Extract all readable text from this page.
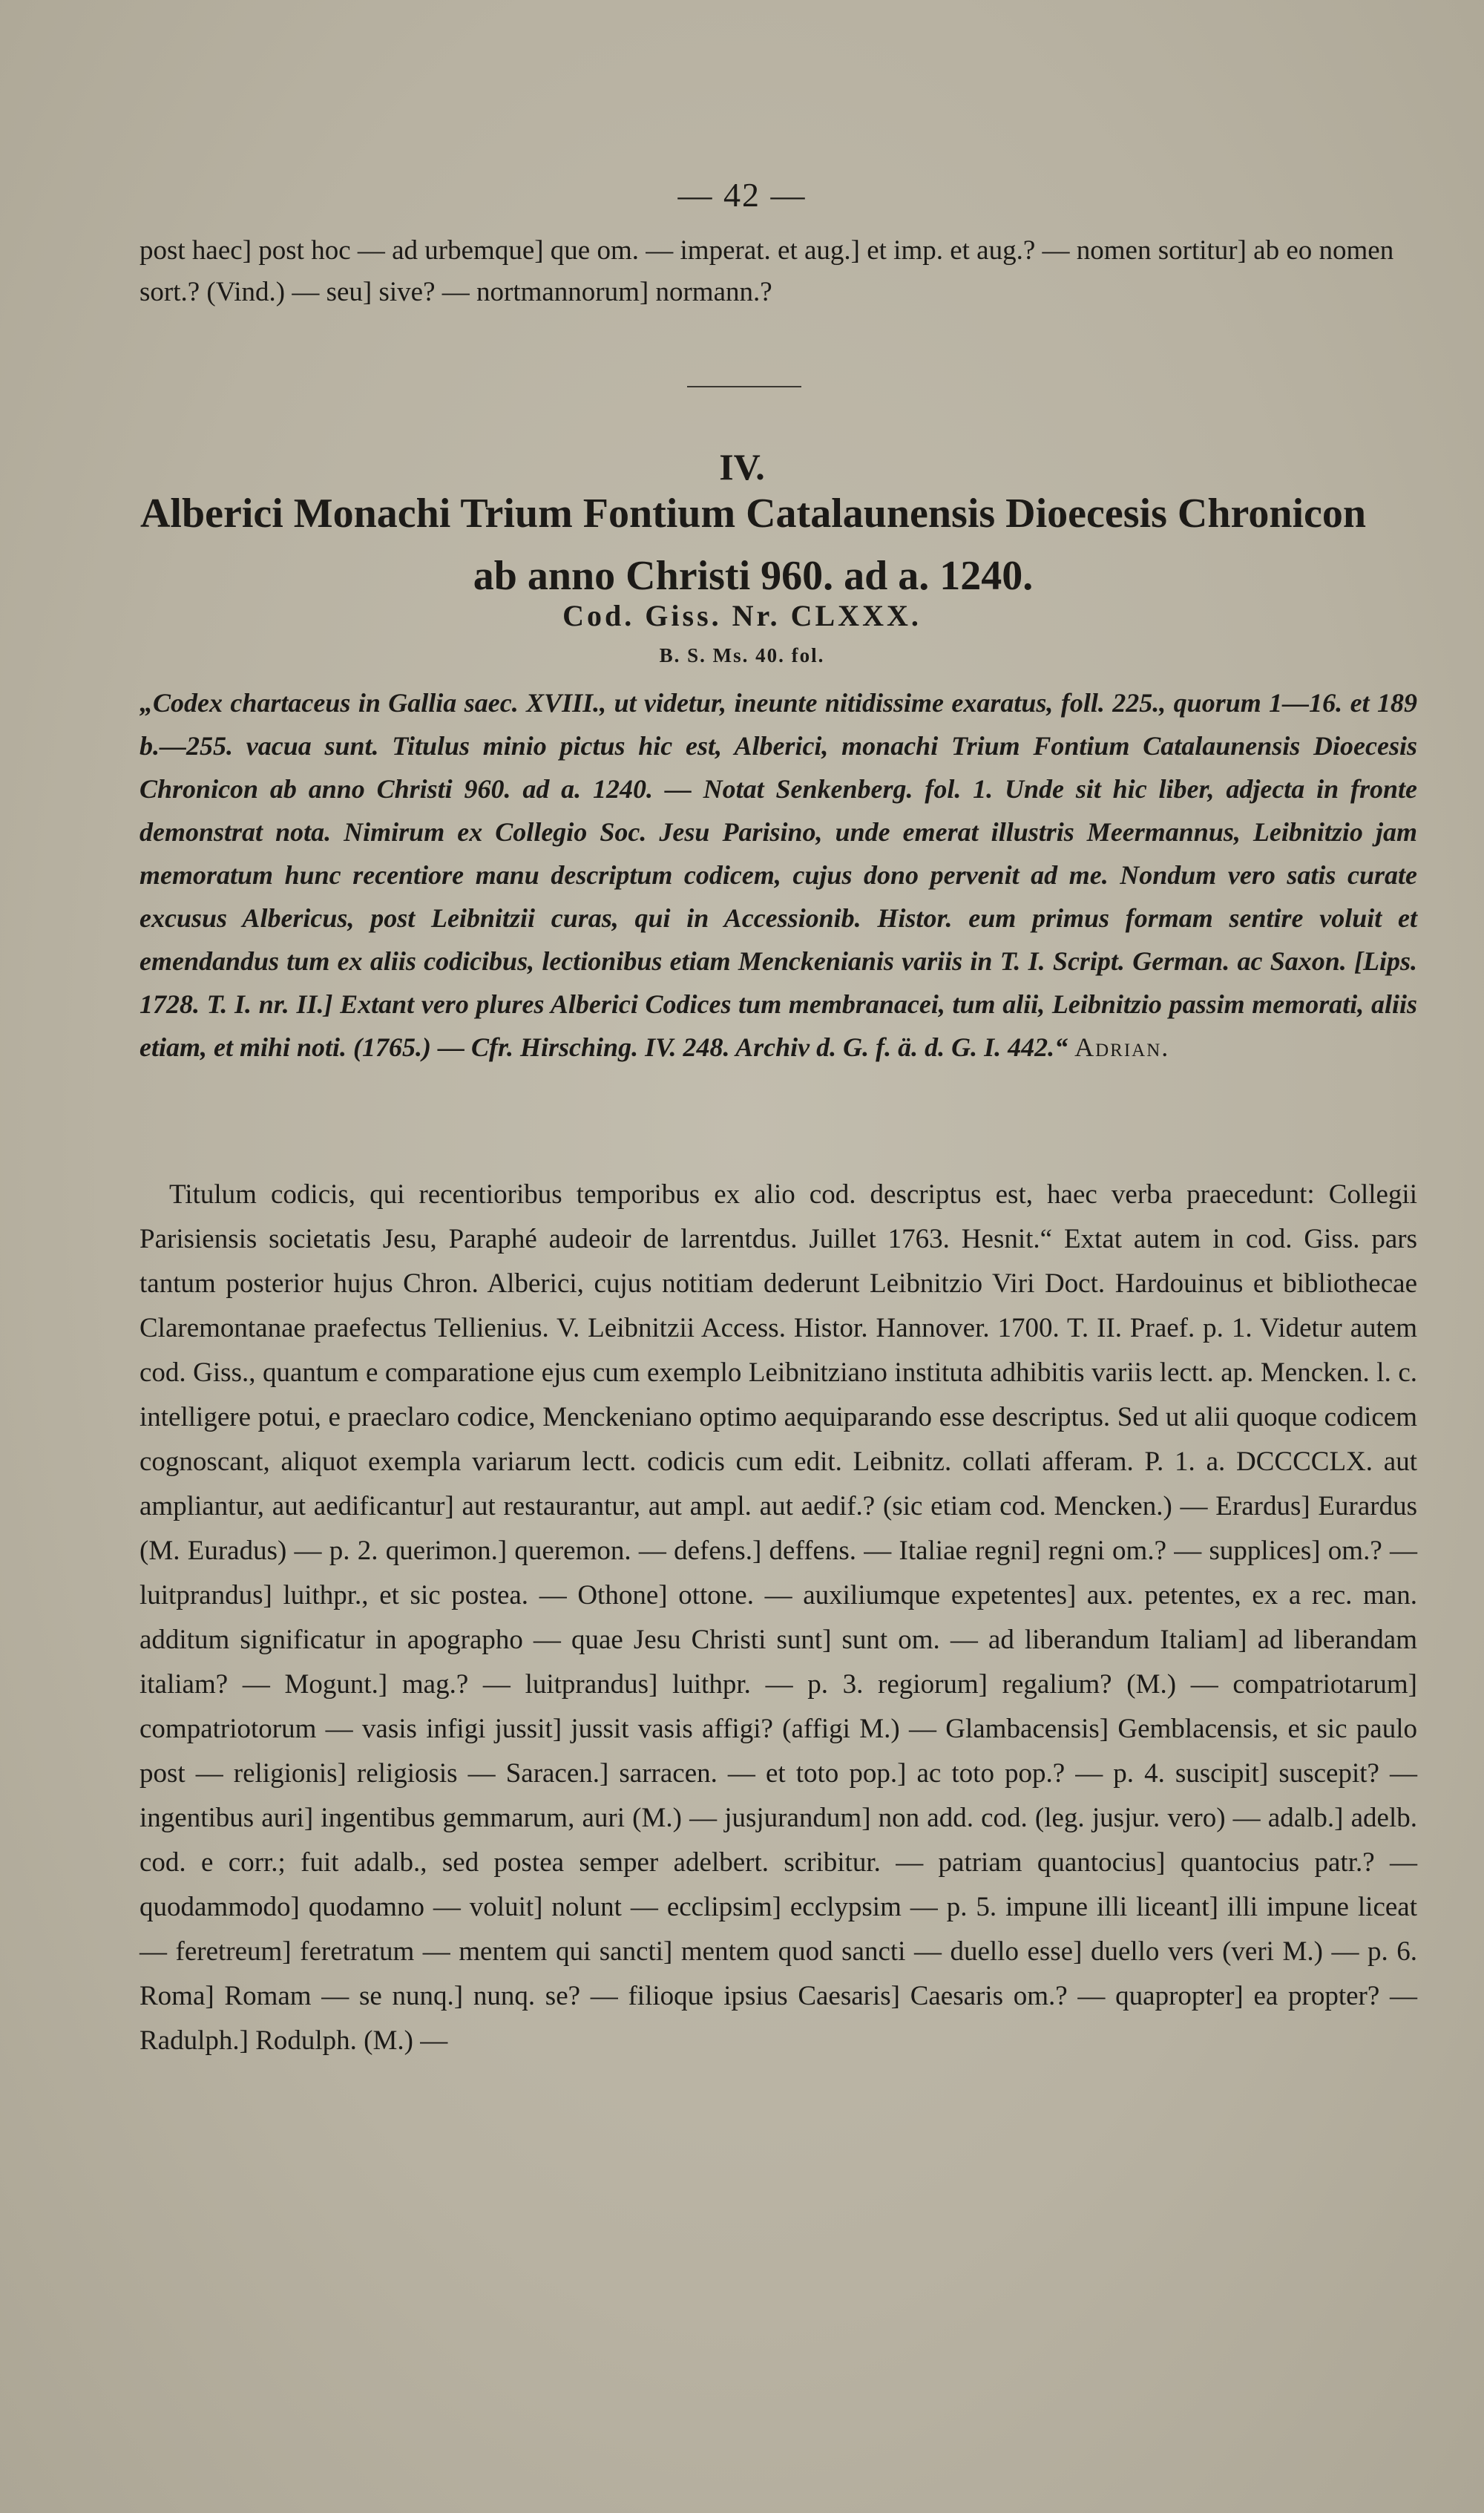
— 42 —
post haec] post hoc — ad urbemque] que om. — imperat. et aug.] et imp. et aug.? — nomen sortitur] ab eo nomen sort.? (Vind.) — seu] sive? — nortmannorum] normann.?
IV.
Alberici Monachi Trium Fontium Catalaunensis Dioecesis Chronicon
ab anno Christi 960. ad a. 1240.
Cod. Giss. Nr. CLXXX.
B. S. Ms. 40. fol.
„Codex chartaceus in Gallia saec. XVIII., ut videtur, ineunte nitidissime exaratus, foll. 225., quorum 1—16. et 189 b.—255. vacua sunt. Titulus minio pictus hic est, Alberici, monachi Trium Fontium Catalaunensis Dioecesis Chronicon ab anno Christi 960. ad a. 1240. — Notat Senkenberg. fol. 1. Unde sit hic liber, adjecta in fronte demonstrat nota. Nimirum ex Collegio Soc. Jesu Parisino, unde emerat illustris Meermannus, Leibnitzio jam memoratum hunc recentiore manu descriptum codicem, cujus dono pervenit ad me. Nondum vero satis curate excusus Albericus, post Leibnitzii curas, qui in Accessionib. Histor. eum primus formam sentire voluit et emendandus tum ex aliis codicibus, lectionibus etiam Menckenianis variis in T. I. Script. German. ac Saxon. [Lips. 1728. T. I. nr. II.] Extant vero plures Alberici Codices tum membranacei, tum alii, Leibnitzio passim memorati, aliis etiam, et mihi noti. (1765.) — Cfr. Hirsching. IV. 248. Archiv d. G. f. ä. d. G. I. 442.“ Adrian.

Titulum codicis, qui recentioribus temporibus ex alio cod. descriptus est, haec verba praecedunt: Collegii Parisiensis societatis Jesu, Paraphé audeoir de larrentdus. Juillet 1763. Hesnit.“ Extat autem in cod. Giss. pars tantum posterior hujus Chron. Alberici, cujus notitiam dederunt Leibnitzio Viri Doct. Hardouinus et bibliothecae Claremontanae praefectus Tellienius. V. Leibnitzii Access. Histor. Hannover. 1700. T. II. Praef. p. 1. Videtur autem cod. Giss., quantum e comparatione ejus cum exemplo Leibnitziano instituta adhibitis variis lectt. ap. Mencken. l. c. intelligere potui, e praeclaro codice, Menckeniano optimo aequiparando esse descriptus. Sed ut alii quoque codicem cognoscant, aliquot exempla variarum lectt. codicis cum edit. Leibnitz. collati afferam. P. 1. a. DCCCCLX. aut ampliantur, aut aedificantur] aut restaurantur, aut ampl. aut aedif.? (sic etiam cod. Mencken.) — Erardus] Eurardus (M. Euradus) — p. 2. querimon.] queremon. — defens.] deffens. — Italiae regni] regni om.? — supplices] om.? — luitprandus] luithpr., et sic postea. — Othone] ottone. — auxiliumque expetentes] aux. petentes, ex a rec. man. additum significatur in apographo — quae Jesu Christi sunt] sunt om. — ad liberandum Italiam] ad liberandam italiam? — Mogunt.] mag.? — luitprandus] luithpr. — p. 3. regiorum] regalium? (M.) — compatriotarum] compatriotorum — vasis infigi jussit] jussit vasis affigi? (affigi M.) — Glambacensis] Gemblacensis, et sic paulo post — religionis] religiosis — Saracen.] sarracen. — et toto pop.] ac toto pop.? — p. 4. suscipit] suscepit? — ingentibus auri] ingentibus gemmarum, auri (M.) — jusjurandum] non add. cod. (leg. jusjur. vero) — adalb.] adelb. cod. e corr.; fuit adalb., sed postea semper adelbert. scribitur. — patriam quantocius] quantocius patr.? — quodammodo] quodamno — voluit] nolunt — ecclipsim] ecclypsim — p. 5. impune illi liceant] illi impune liceat — feretreum] feretratum — mentem qui sancti] mentem quod sancti — duello esse] duello vers (veri M.) — p. 6. Roma] Romam — se nunq.] nunq. se? — filioque ipsius Caesaris] Caesaris om.? — quapropter] ea propter? — Radulph.] Rodulph. (M.) —
